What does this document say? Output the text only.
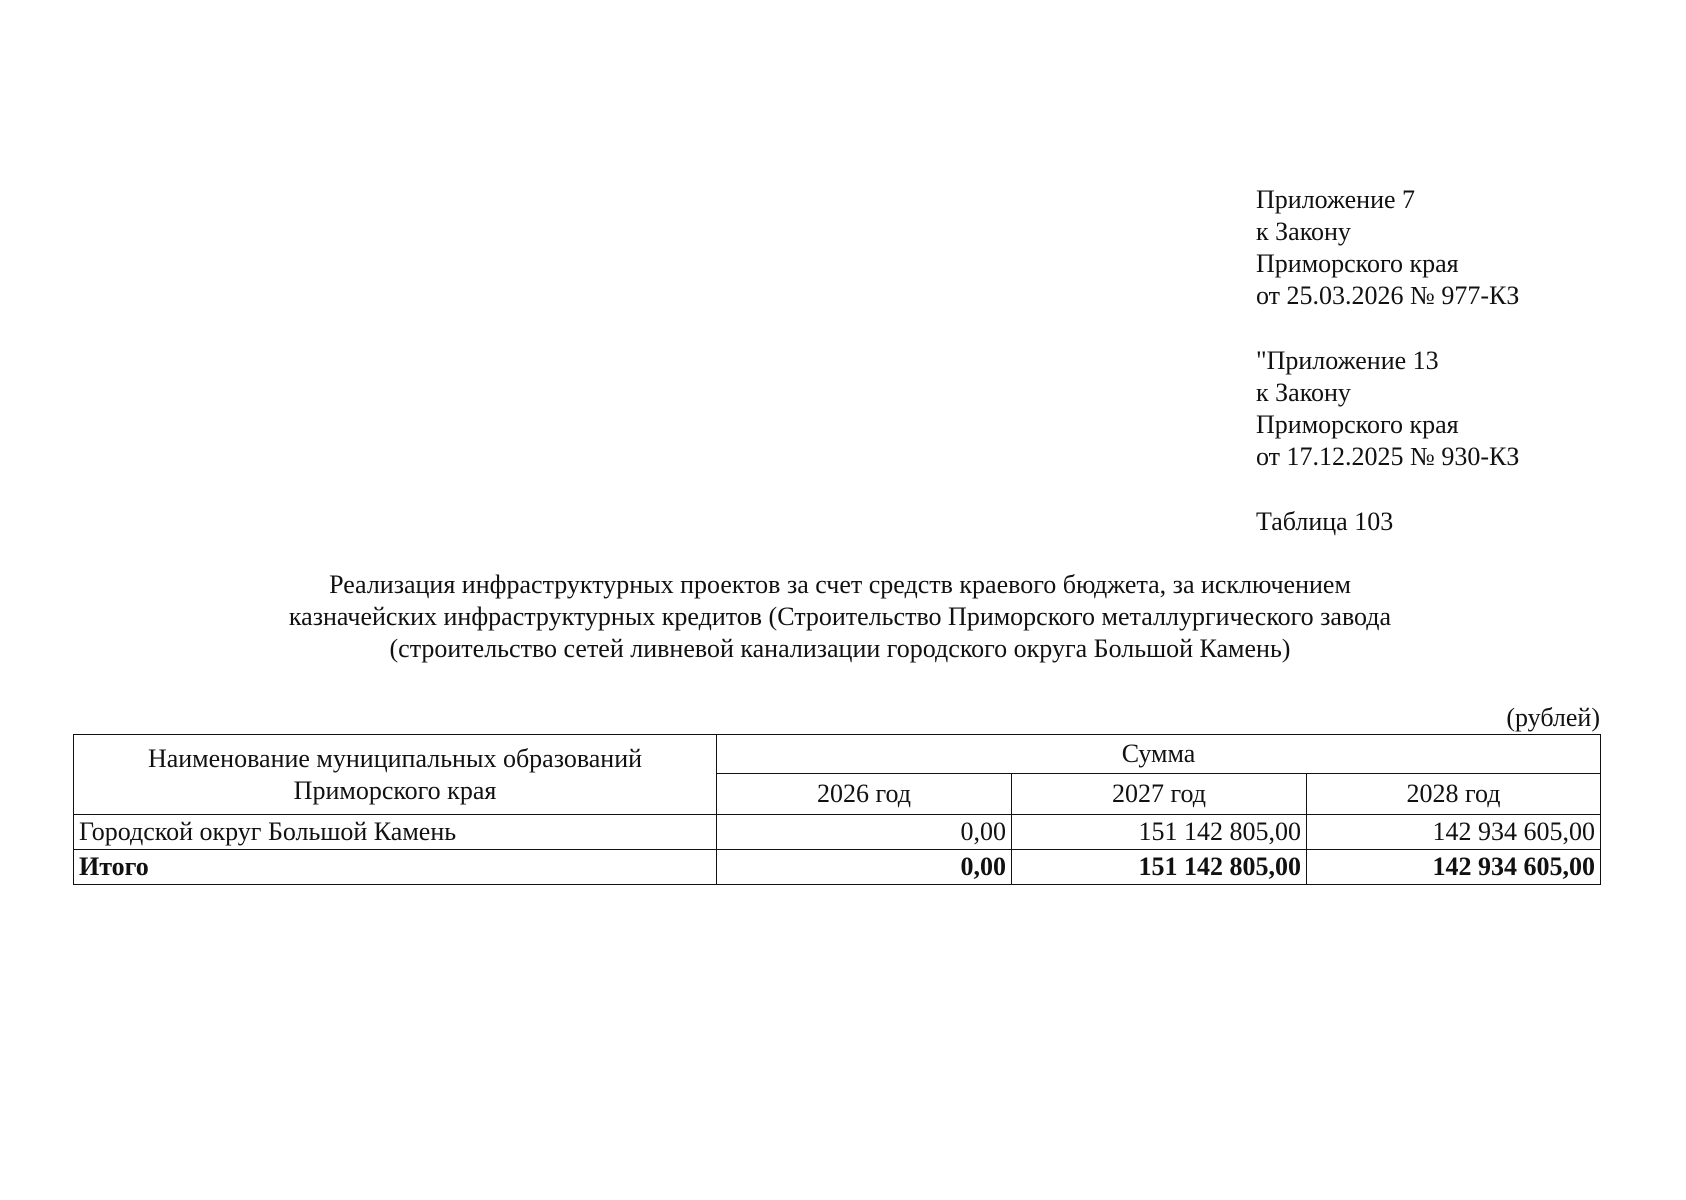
Приложение 7
к Закону
Приморского края
от 25.03.2026 № 977-КЗ
"Приложение 13
к Закону
Приморского края
от 17.12.2025 № 930-КЗ
Таблица 103
Реализация инфраструктурных проектов за счет средств краевого бюджета, за исключением
казначейских инфраструктурных кредитов (Строительство Приморского металлургического завода
(строительство сетей ливневой канализации городского округа Большой Камень)
(рублей)
Наименование муниципальных образований Приморского края	Сумма		
	2026 год	2027 год	2028 год
Городской округ Большой Камень	0,00	151 142 805,00	142 934 605,00
Итого	0,00	151 142 805,00	142 934 605,00
